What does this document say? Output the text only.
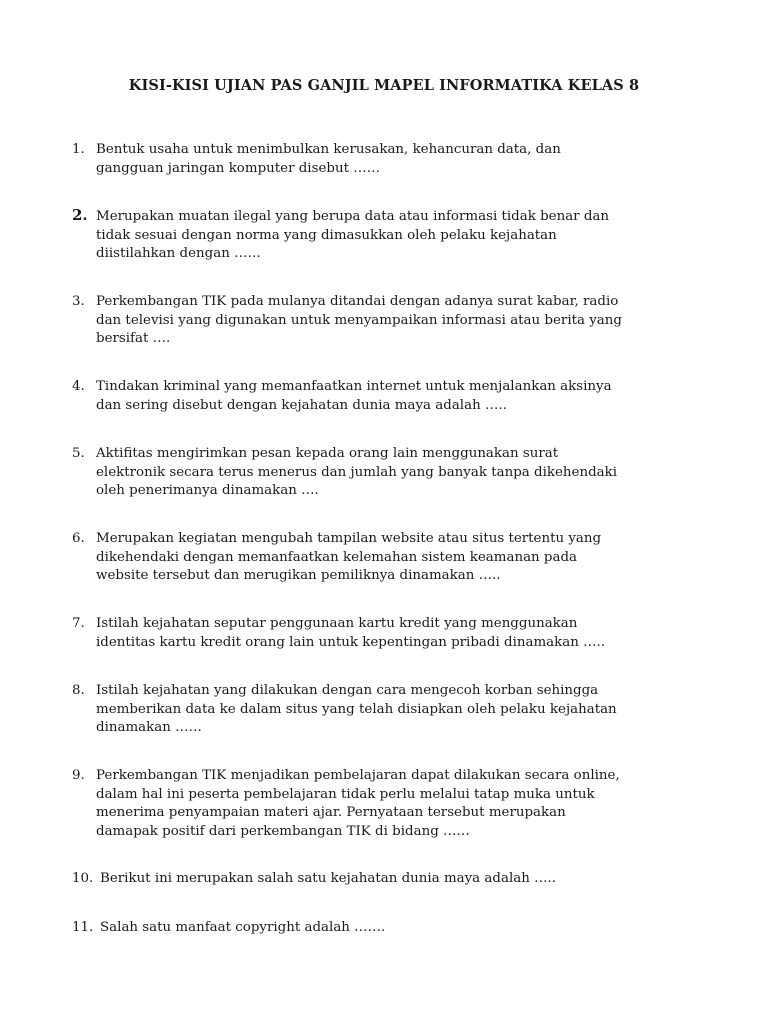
KISI-KISI UJIAN PAS GANJIL MAPEL INFORMATIKA KELAS 8
1. Bentuk usaha untuk menimbulkan kerusakan, kehancuran data, dan
gangguan jaringan komputer disebut ……
2. Merupakan muatan ilegal yang berupa data atau informasi tidak benar dan
tidak sesuai dengan norma yang dimasukkan oleh pelaku kejahatan
diistilahkan dengan ……
3. Perkembangan TIK pada mulanya ditandai dengan adanya surat kabar, radio
dan televisi yang digunakan untuk menyampaikan informasi atau berita yang
bersifat ….
4. Tindakan kriminal yang memanfaatkan internet untuk menjalankan aksinya
dan sering disebut dengan kejahatan dunia maya adalah …..
5. Aktifitas mengirimkan pesan kepada orang lain menggunakan surat
elektronik secara terus menerus dan jumlah yang banyak tanpa dikehendaki
oleh penerimanya dinamakan ….
6. Merupakan kegiatan mengubah tampilan website atau situs tertentu yang
dikehendaki dengan memanfaatkan kelemahan sistem keamanan pada
website tersebut dan merugikan pemiliknya dinamakan …..
7. Istilah kejahatan seputar penggunaan kartu kredit yang menggunakan
identitas kartu kredit orang lain untuk kepentingan pribadi dinamakan …..
8. Istilah kejahatan yang dilakukan dengan cara mengecoh korban sehingga
memberikan data ke dalam situs yang telah disiapkan oleh pelaku kejahatan
dinamakan ……
9. Perkembangan TIK menjadikan pembelajaran dapat dilakukan secara online,
dalam hal ini peserta pembelajaran tidak perlu melalui tatap muka untuk
menerima penyampaian materi ajar. Pernyataan tersebut merupakan
damapak positif dari perkembangan TIK di bidang ……
10. Berikut ini merupakan salah satu kejahatan dunia maya adalah …..
11. Salah satu manfaat copyright adalah …….
